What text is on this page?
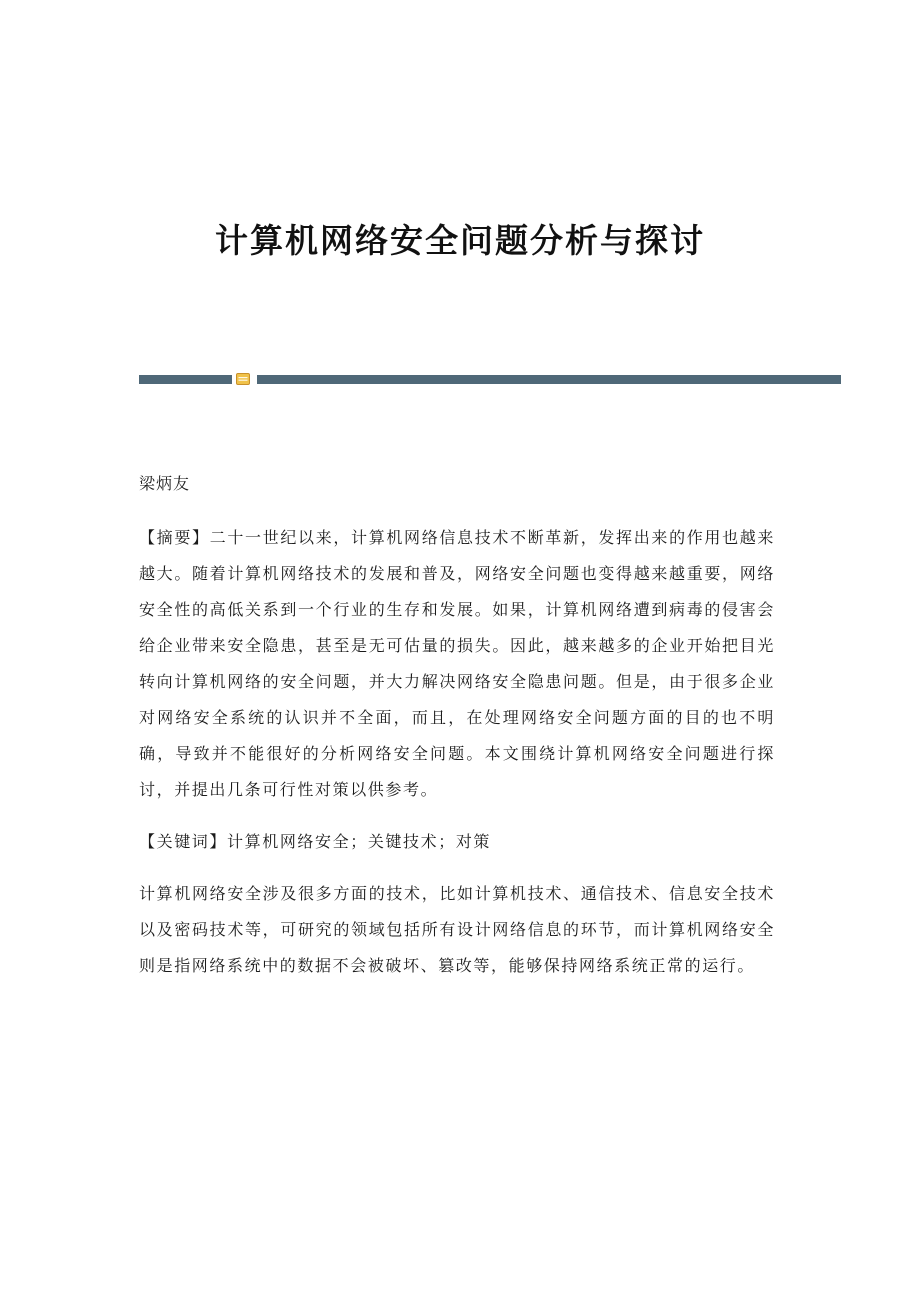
计算机网络安全问题分析与探讨
梁炳友

【摘要】二十一世纪以来，计算机网络信息技术不断革新，发挥出来的作用也越来越大。随着计算机网络技术的发展和普及，网络安全问题也变得越来越重要，网络安全性的高低关系到一个行业的生存和发展。如果，计算机网络遭到病毒的侵害会给企业带来安全隐患，甚至是无可估量的损失。因此，越来越多的企业开始把目光转向计算机网络的安全问题，并大力解决网络安全隐患问题。但是，由于很多企业对网络安全系统的认识并不全面，而且，在处理网络安全问题方面的目的也不明确，导致并不能很好的分析网络安全问题。本文围绕计算机网络安全问题进行探讨，并提出几条可行性对策以供参考。

【关键词】计算机网络安全；关键技术；对策

计算机网络安全涉及很多方面的技术，比如计算机技术、通信技术、信息安全技术以及密码技术等，可研究的领域包括所有设计网络信息的环节，而计算机网络安全则是指网络系统中的数据不会被破坏、篡改等，能够保持网络系统正常的运行。
